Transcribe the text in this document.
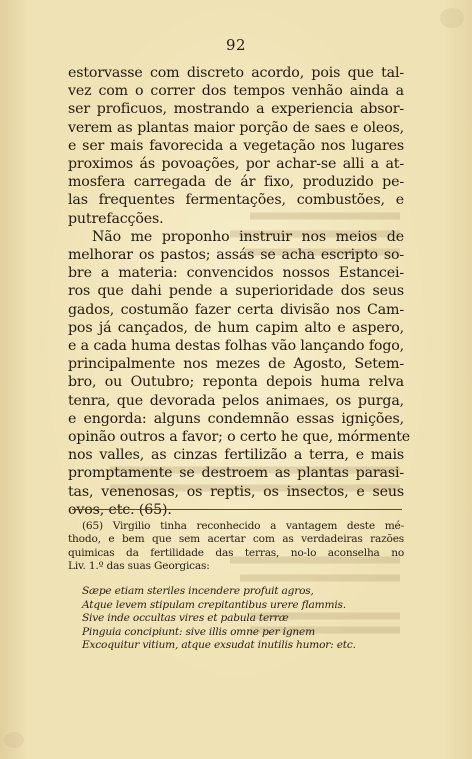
92
estorvasse com discreto acordo, pois que tal-
vez com o correr dos tempos venhão ainda a
ser proficuos, mostrando a experiencia absor-
verem as plantas maior porção de saes e oleos,
e ser mais favorecida a vegetação nos lugares
proximos ás povoações, por achar-se alli a at-
mosfera carregada de ár fixo, produzido pe-
las frequentes fermentações, combustões, e
putrefacções.
Não me proponho instruir nos meios de
melhorar os pastos; assás se acha escripto so-
bre a materia: convencidos nossos Estancei-
ros que dahi pende a superioridade dos seus
gados, costumão fazer certa divisão nos Cam-
pos já cançados, de hum capim alto e aspero,
e a cada huma destas folhas vão lançando fogo,
principalmente nos mezes de Agosto, Setem-
bro, ou Outubro; reponta depois huma relva
tenra, que devorada pelos animaes, os purga,
e engorda: alguns condemnão essas ignições,
opinão outros a favor; o certo he que, mórmente
nos valles, as cinzas fertilizão a terra, e mais
promptamente se destroem as plantas parasi-
tas, venenosas, os reptis, os insectos, e seus
ovos, etc. (65).
(65) Virgilio tinha reconhecido a vantagem deste mé-
thodo, e bem que sem acertar com as verdadeiras razões
quimicas da fertilidade das terras, no-lo aconselha no
Liv. 1.º das suas Georgicas:
Sæpe etiam steriles incendere profuit agros,
Atque levem stipulam crepitantibus urere flammis.
Sive inde occultas vires et pabula terræ
Pinguia concipiunt: sive illis omne per ignem
Excoquitur vitium, atque exsudat inutilis humor: etc.
